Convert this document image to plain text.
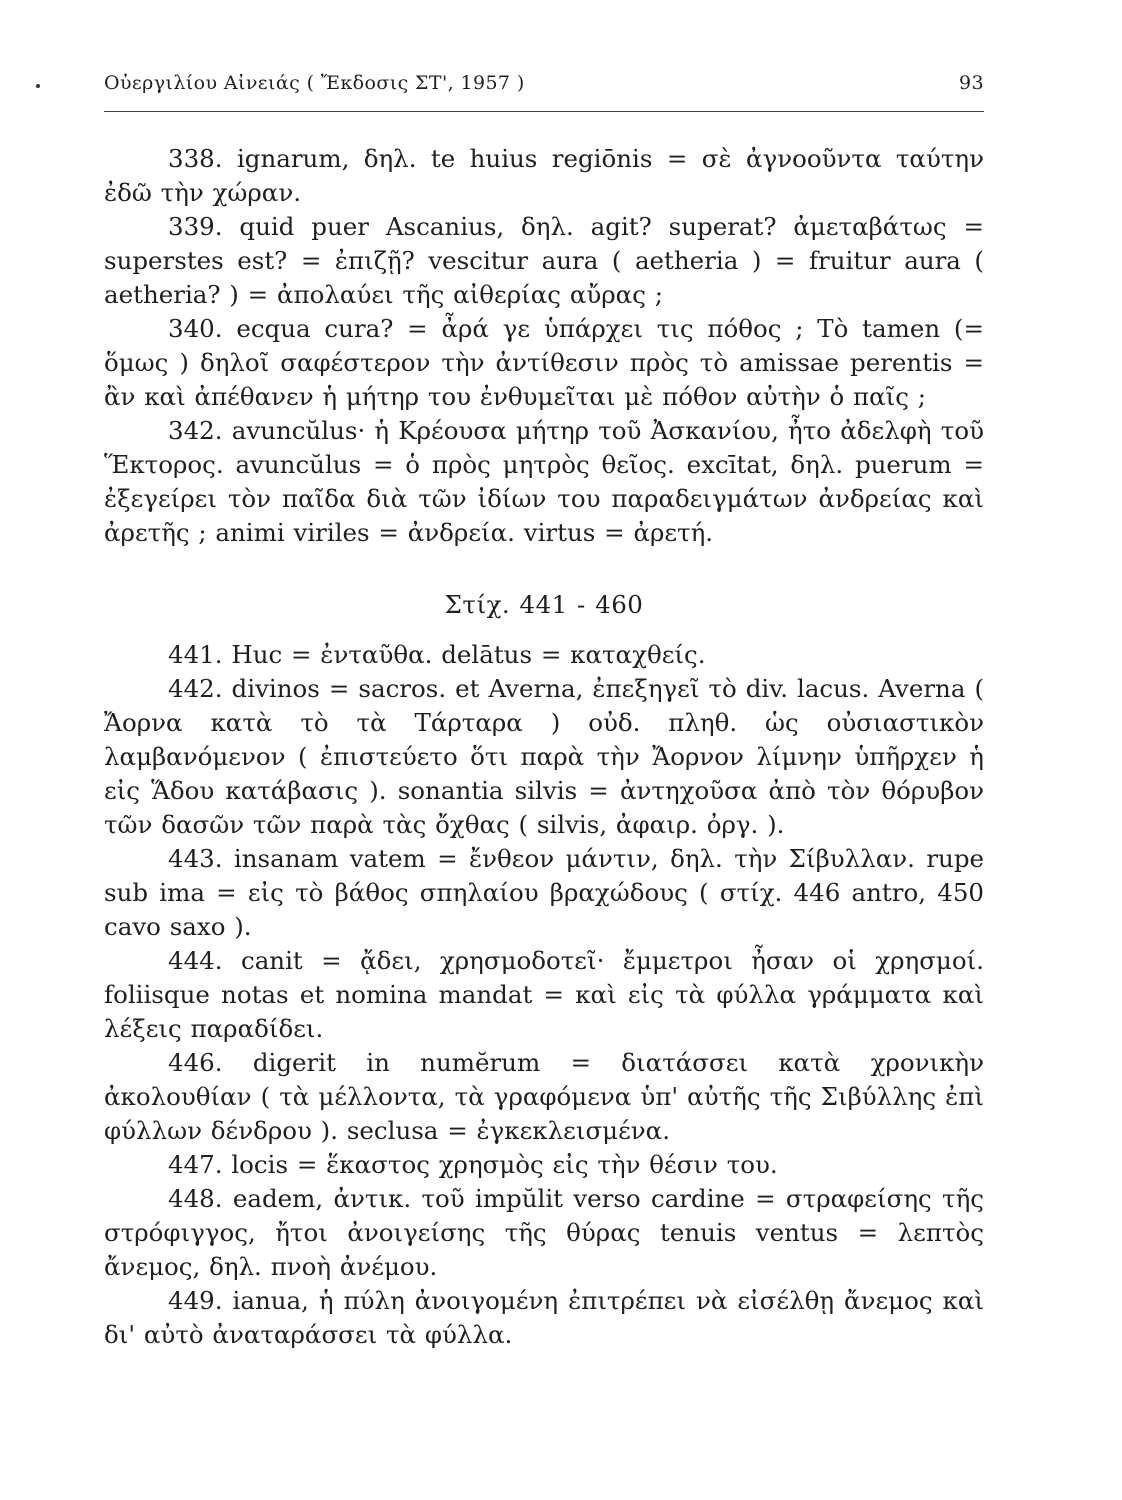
Οὐεργιλίου Αἰνειάς ( Ἔκδοσις ΣΤ', 1957 )	93

338. ignarum, δηλ. te huius regiōnis = σὲ ἀγνοοῦντα ταύτην ἐδῶ τὴν χώραν.

339. quid puer Ascanius, δηλ. agit? superat? ἀμεταβάτως = superstes est? = ἐπιζῇ? vescitur aura ( aetheria ) = fruitur aura ( aetheria? ) = ἀπολαύει τῆς αἰθερίας αὔρας ;

340. ecqua cura? = ἆρά γε ὑπάρχει τις πόθος ; Τὸ tamen (= ὅμως ) δηλοῖ σαφέστερον τὴν ἀντίθεσιν πρὸς τὸ amissae perentis = ἂν καὶ ἀπέθανεν ἡ μήτηρ του ἐνθυμεῖται μὲ πόθον αὐτὴν ὁ παῖς ;

342. avuncŭlus· ἡ Κρέουσα μήτηρ τοῦ Ἀσκανίου, ἦτο ἀδελφὴ τοῦ Ἕκτορος. avuncŭlus = ὁ πρὸς μητρὸς θεῖος. excītat, δηλ. puerum = ἐξεγείρει τὸν παῖδα διὰ τῶν ἰδίων του παραδειγμάτων ἀνδρείας καὶ ἀρετῆς ; animi viriles = ἀνδρεία. virtus = ἀρετή.

Στίχ. 441 - 460

441. Huc = ἐνταῦθα. delātus = καταχθείς.

442. divinos = sacros. et Averna, ἐπεξηγεῖ τὸ div. lacus. Averna ( Ἄορνα κατὰ τὸ τὰ Τάρταρα ) οὐδ. πληθ. ὡς οὐσιαστικὸν λαμβανόμενον ( ἐπιστεύετο ὅτι παρὰ τὴν Ἄορνον λίμνην ὑπῆρχεν ἡ εἰς Ἅδου κατάβασις ). sonantia silvis = ἀντηχοῦσα ἀπὸ τὸν θόρυβον τῶν δασῶν τῶν παρὰ τὰς ὄχθας ( silvis, ἀφαιρ. ὀργ. ).

443. insanam vatem = ἔνθεον μάντιν, δηλ. τὴν Σίβυλλαν. rupe sub ima = εἰς τὸ βάθος σπηλαίου βραχώδους ( στίχ. 446 antro, 450 cavo saxo ).

444. canit = ᾄδει, χρησμοδοτεῖ· ἔμμετροι ἦσαν οἱ χρησμοί. foliisque notas et nomina mandat = καὶ εἰς τὰ φύλλα γράμματα καὶ λέξεις παραδίδει.

446. digerit in numĕrum = διατάσσει κατὰ χρονικὴν ἀκολουθίαν ( τὰ μέλλοντα, τὰ γραφόμενα ὑπ' αὐτῆς τῆς Σιβύλλης ἐπὶ φύλλων δένδρου ). seclusa = ἐγκεκλεισμένα.

447. locis = ἕκαστος χρησμὸς εἰς τὴν θέσιν του.

448. eadem, ἀντικ. τοῦ impŭlit verso cardine = στραφείσης τῆς στρόφιγγος, ἤτοι ἀνοιγείσης τῆς θύρας tenuis ventus = λεπτὸς ἄνεμος, δηλ. πνοὴ ἀνέμου.

449. ianua, ἡ πύλη ἀνοιγομένη ἐπιτρέπει νὰ εἰσέλθῃ ἄνεμος καὶ δι' αὐτὸ ἀναταράσσει τὰ φύλλα.
